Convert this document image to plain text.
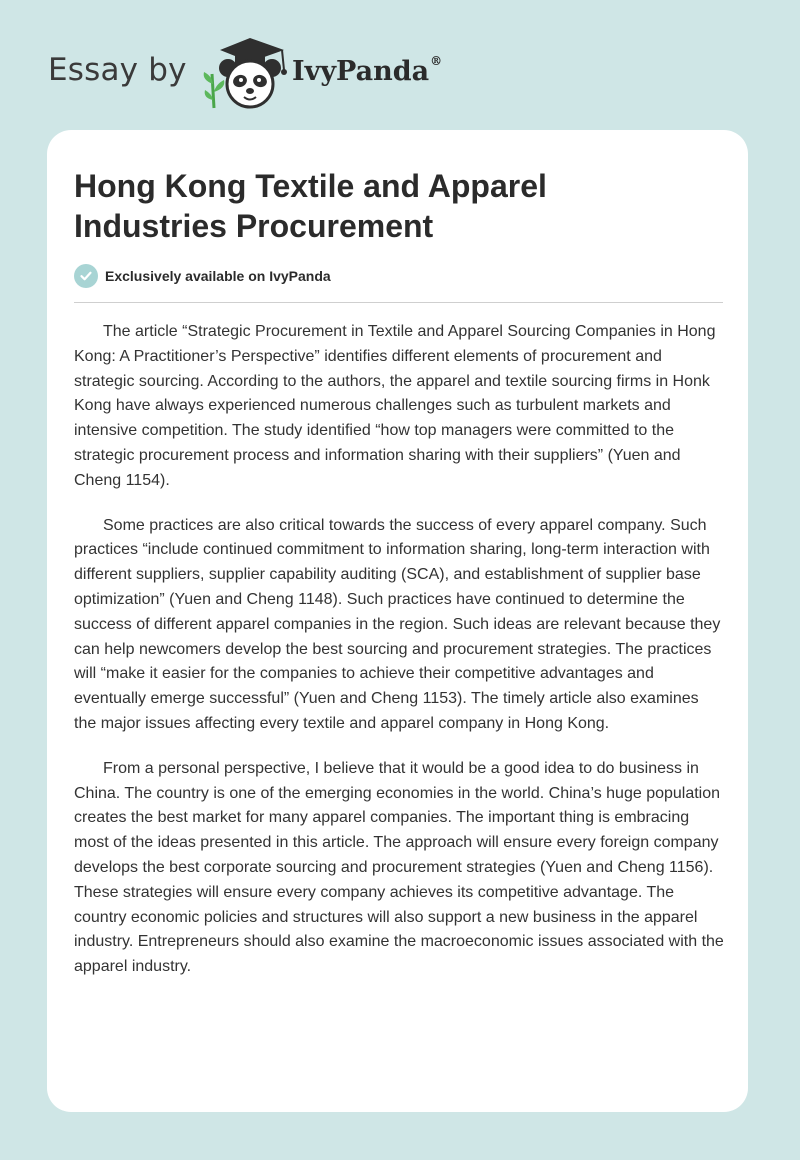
Essay by	IvyPanda®
Hong Kong Textile and Apparel Industries Procurement
Exclusively available on IvyPanda

The article “Strategic Procurement in Textile and Apparel Sourcing Companies in Hong Kong: A Practitioner’s Perspective” identifies different elements of procurement and strategic sourcing. According to the authors, the apparel and textile sourcing firms in Honk Kong have always experienced numerous challenges such as turbulent markets and intensive competition. The study identified “how top managers were committed to the strategic procurement process and information sharing with their suppliers” (Yuen and Cheng 1154).

Some practices are also critical towards the success of every apparel company. Such practices “include continued commitment to information sharing, long-term interaction with different suppliers, supplier capability auditing (SCA), and establishment of supplier base optimization” (Yuen and Cheng 1148). Such practices have continued to determine the success of different apparel companies in the region. Such ideas are relevant because they can help newcomers develop the best sourcing and procurement strategies. The practices will “make it easier for the companies to achieve their competitive advantages and eventually emerge successful” (Yuen and Cheng 1153). The timely article also examines the major issues affecting every textile and apparel company in Hong Kong.

From a personal perspective, I believe that it would be a good idea to do business in China. The country is one of the emerging economies in the world. China’s huge population creates the best market for many apparel companies. The important thing is embracing most of the ideas presented in this article. The approach will ensure every foreign company develops the best corporate sourcing and procurement strategies (Yuen and Cheng 1156). These strategies will ensure every company achieves its competitive advantage. The country economic policies and structures will also support a new business in the apparel industry. Entrepreneurs should also examine the macroeconomic issues associated with the apparel industry.
